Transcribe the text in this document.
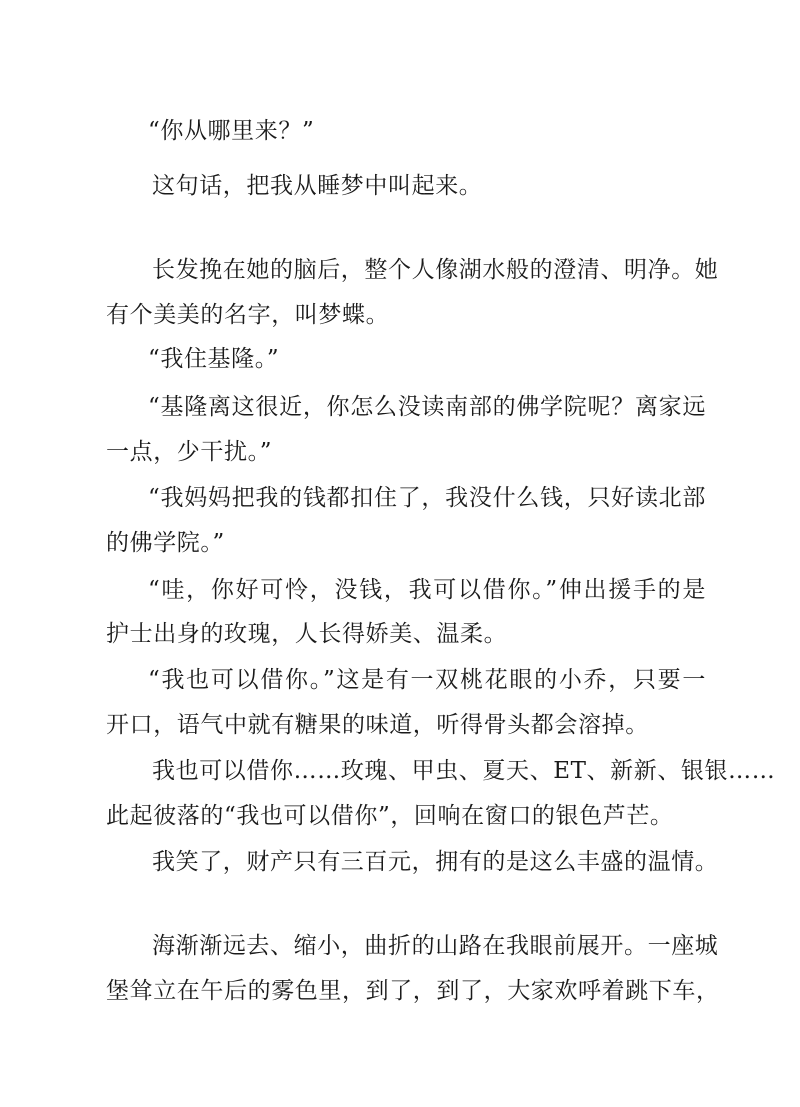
“你从哪里来？”
这句话，把我从睡梦中叫起来。
长发挽在她的脑后，整个人像湖水般的澄清、明净。她
有个美美的名字，叫梦蝶。
“我住基隆。”
“基隆离这很近，你怎么没读南部的佛学院呢？离家远
一点，少干扰。”
“我妈妈把我的钱都扣住了，我没什么钱，只好读北部
的佛学院。”
“哇，你好可怜，没钱，我可以借你。”伸出援手的是
护士出身的玫瑰，人长得娇美、温柔。
“我也可以借你。”这是有一双桃花眼的小乔，只要一
开口，语气中就有糖果的味道，听得骨头都会溶掉。
我也可以借你……玫瑰、甲虫、夏天、ET、新新、银银……
此起彼落的“我也可以借你”，回响在窗口的银色芦芒。
我笑了，财产只有三百元，拥有的是这么丰盛的温情。
海渐渐远去、缩小，曲折的山路在我眼前展开。一座城
堡耸立在午后的雾色里，到了，到了，大家欢呼着跳下车，
